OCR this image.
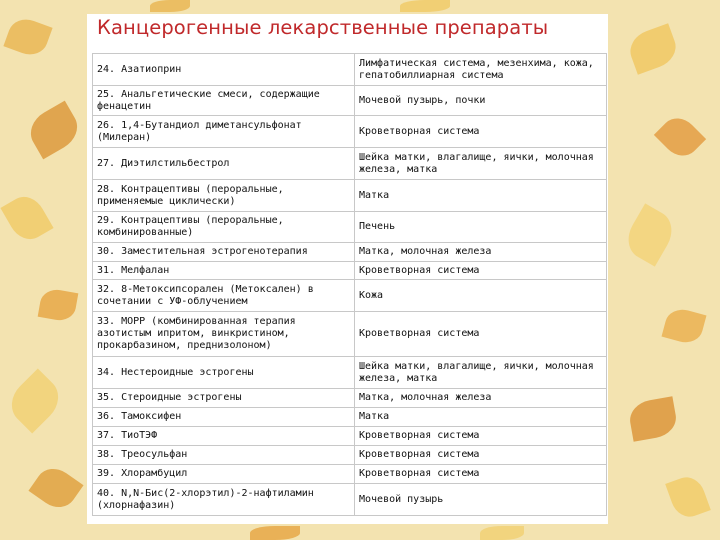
Канцерогенные лекарственные препараты
24. Азатиоприн	Лимфатическая система, мезенхима, кожа, гепатобиллиарная система
25. Анальгетические смеси, содержащие фенацетин	Мочевой пузырь, почки
26. 1,4-Бутандиол диметансульфонат (Милеран)	Кроветворная система
27. Диэтилстильбестрол	Шейка матки, влагалище, яички, молочная железа, матка
28. Контрацептивы (пероральные, применяемые циклически)	Матка
29. Контрацептивы (пероральные, комбинированные)	Печень
30. Заместительная эстрогенотерапия	Матка, молочная железа
31. Мелфалан	Кроветворная система
32. 8-Метоксипсорален (Метоксален) в сочетании с УФ-облучением	Кожа
33. МОРР (комбинированная терапия азотистым ипритом, винкристином, прокарбазином, преднизолоном)	Кроветворная система
34. Нестероидные эстрогены	Шейка матки, влагалище, яички, молочная железа, матка
35. Стероидные эстрогены	Матка, молочная железа
36. Тамоксифен	Матка
37. ТиоТЭФ	Кроветворная система
38. Треосульфан	Кроветворная система
39. Хлорамбуцил	Кроветворная система
40. N,N-Бис(2-хлорэтил)-2-нафтиламин (хлорнафазин)	Мочевой пузырь
